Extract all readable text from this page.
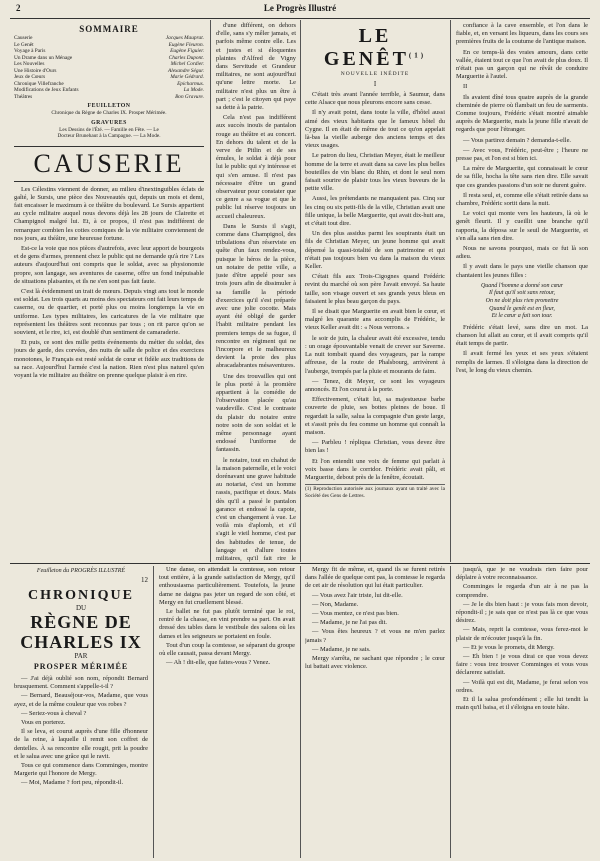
2	Le Progrès Illustré
SOMMAIRE
Causerie	Jacques Mauprat.
Le Genêt	Eugène Fleuron.
Voyage à Paris	Eugène Figuier.
Un Drame dans un Ménage	Charles Dupont.
Les Nouvelles	Michel Cordier.
Une Histoire d'Ours	Alexandre Ségur.
Jeux de Cœurs	Marie Gédrard.
Chronique Villefranche	Epicharmus.
Modifications de Jeux Enfants	La Mode.
Théâtres	Bon Gravure.
FEUILLETON
Chronique du Règne de Charles IX. Prosper Mérimée.
GRAVURES
Les Dessins de l'Été. — Famille en Fête. — Le
Docteur Brunehaut à la Campagne. — La Mode.
CAUSERIE

Les Célestins viennent de donner, au milieu d'inextinguibles éclats de gaîté, le Sursis, une pièce des Nouveautés qui, depuis un mois et demi, fait encaisser le maximum à ce théâtre du boulevard. Le Sursis appartient au cycle militaire auquel nous devons déjà les 28 jours de Clairette et Champignol malgré lui. Et, à ce propos, il n'est pas indifférent de remarquer combien les coties comiques de la vie militaire conviennent de nos jours, au théâtre, une heureuse fortune.

Est-ce la voie que nos pièces d'autrefois, avec leur apport de bourgeois et de gens d'armes, prennent chez le public qui ne demande qu'à rire ? Les auteurs d'aujourd'hui ont compris que le soldat, avec sa physionomie propre, son langage, ses aventures de caserne, offre un fond inépuisable de situations plaisantes, et ils ne s'en sont pas fait faute.

C'est là évidemment un trait de mœurs. Depuis vingt ans tout le monde est soldat. Les trois quarts au moins des spectateurs ont fait leurs temps de caserne, ou de quartier, et porté plus ou moins longtemps la vie en uniforme. Les types militaires, les caricatures de la vie militaire que représentent les théâtres sont reconnus par tous ; on rit parce qu'on se souvient, et le rire, ici, est doublé d'un sentiment de camaraderie.

Et puis, ce sont des mille petits événements du métier du soldat, des jours de garde, des corvées, des nuits de salle de police et des exercices monotones, le Français est resté soldat de cœur et fidèle aux traditions de sa race. Aujourd'hui l'armée c'est la nation. Rien n'est plus naturel qu'en voyant la vie militaire au théâtre on prenne quelque plaisir à en rire.

d'une différent, on dehors d'elle, sans s'y mêler jamais, et parfois même contre elle. Les et justes et si éloquentes plaintes d'Alfred de Vigny dans Servitude et Grandeur militaires, ne sont aujourd'hui qu'une lettre morte. Le militaire n'est plus un être à part ; c'est le citoyen qui paye sa dette à la patrie.

Cela n'est pas indifférent aux succès inouïs de pantalon rouge au théâtre et au concert. En dehors du talent et de la verve de Pitlin et de ses émules, le soldat à déjà pour lui le public qui s'y intéresse et qui s'en amuse. Il n'est pas nécessaire d'être un grand observateur pour constater que ce genre a sa vogue et que le public lui réserve toujours un accueil chaleureux.

Dans le Sursis il s'agit, comme dans Champignol, des tribulations d'un réserviste en quête d'un faux rendez-vous, puisque le héros de la pièce, un notaire de petite ville, a juste d'être appelé pour ses trois jours afin de dissimuler à sa famille la période d'exercices qu'il s'est préparée avec une jolie cocotte. Mais ayant été obligé de garder l'habit militaire pendant les premiers temps de sa fugue, il rencontre en régiment qui ne l'incorpore et le malheureux devient la proie des plus abracadabrantes mésaventures.

Une des trouvailles qui ont le plus porté à la promière appartient à la comédie de l'observation placée qu'au vaudeville. C'est le contraste du plaisir du notaire entre notre soin de son soldat et le même personnage ayant endossé l'uniforme de fantassin.

le notaire, tout en chahut de la maison paternelle, et le voici dorénavant une grave habitude au notariat, c'est un homme rassis, pacifique et doux. Mais dès qu'il a passé le pantalon garance et endossé la capote, c'est un changement à vue. Le voilà mis d'aplomb, et s'il s'agit le vieil homme, c'est par des habitudes de tenue, de langage et d'allure toutes militaires, qu'il fait rire le

LE GENÊT$^{(1)}$
NOUVELLE INÉDITE
I

C'était très avant l'année terrible, à Saumur, dans cette Alsace que nous pleurons encore sans cesse.

Il n'y avait point, dans toute la ville, d'hôtel aussi aimé des vieux habitants que le fameux hôtel du Cygne. Il en était de même de tout ce qu'on appelait là-bas la vieille auberge des anciens temps et des vieux usages.

Le patron du lieu, Christian Meyer, était le meilleur homme de la terre et avait dans sa cave les plus belles bouteilles de vin blanc du Rhin, et dont le seul nom faisait sourire de plaisir tous les vieux buveurs de la petite ville.

Aussi, les prétendants ne manquaient pas. Cinq sur les cinq ou six petit-fils de la ville, Christian avait une fille unique, la belle Marguerite, qui avait dix-huit ans, et c'était tout dire.

Un des plus assidus parmi les soupirants était un fils de Christian Meyer, un jeune homme qui avait dépensé la quasi-totalité de son patrimoine et qui n'était pas toujours bien vu dans la maison du vieux Keller.

C'était fils aux Trois-Cigognes quand Frédéric revint du marché où son père l'avait envoyé. Sa haute taille, son visage ouvert et ses grands yeux bleus en faisaient le plus beau garçon du pays.

Il se disait que Marguerite en avait bien le cœur, et malgré les quarante ans accomplis de Frédéric, le vieux Keller avait dit : « Nous verrons. »

le soir de juin, la chaleur avait été excessive, tendu : un orage épouvantable venait de crever sur Saverne. La nuit tombait quand des voyageurs, par la rampe affreuse, de la route de Phalsbourg, arrivèrent à l'auberge, trempés par la pluie et mourants de faim.

— Tenez, dit Meyer, ce sont les voyageurs annoncés. Et l'on courut à la porte.

Effectivement, c'était lui, sa majestueuse barbe couverte de pluie, ses bottes pleines de boue. Il regardait la salle, salua la compagnie d'un geste large, et s'assit près du feu comme un homme qui connaît la maison.

— Parbleu ! répliqua Christian, vous devez être bien las !

Et l'on entendit une voix de femme qui parlait à voix basse dans le corridor. Frédéric avait pâli, et Marguerite, debout près de la fenêtre, écoutait.

(1) Reproduction autorisée aux journaux ayant un traité avec la Société des Gens de Lettres.

confiance à la cave ensemble, et l'on dans le fiable, et, en versant les liqueurs, dans les cours ses premières fruits de la coutume de l'antique maison.

En ce temps-là des vraies amours, dans cette vallée, étaient tout ce que l'on avait de plus doux. Il n'était pas un garçon qui ne rêvât de conduire Marguerite à l'autel.

II

Ils avaient dîné tous quatre auprès de la grande cheminée de pierre où flambait un feu de sarments. Comme toujours, Frédéric s'était montré aimable auprès de Marguerite, mais la jeune fille n'avait de regards que pour l'étranger.

— Vous partirez demain ? demanda-t-elle.

— Avec vous, Frédéric, peut-être ; l'heure ne presse pas, et l'on est si bien ici.

La mère de Marguerite, qui connaissait le cœur de sa fille, hocha la tête sans rien dire. Elle savait que ces grandes passions d'un soir ne durent guère.

Il resta seul, et, comme elle s'était retirée dans sa chambre, Frédéric sortit dans la nuit.

Le voici qui monte vers les hauteurs, là où le genêt fleurit. Il y cueillit une branche qu'il rapporta, la déposa sur le seuil de Marguerite, et s'en alla sans rien dire.

Nous ne savons pourquoi, mais ce fut là son adieu.

Il y avait dans le pays une vieille chanson que chantaient les jeunes filles :

Quand l'homme a donné son cœur
Il faut qu'il soit sans retour,
On ne doit plus rien promettre
Quand le genêt est en fleur,
Et le cœur a fait son tour.

Frédéric s'était levé, sans dire un mot. La chanson lui allait au cœur, et il avait compris qu'il était temps de partir.

Il avait fermé les yeux et ses yeux s'étaient remplis de larmes. Il s'éloigna dans la direction de l'est, le long du vieux chemin.

Feuilleton du PROGRÈS ILLUSTRÉ
12
CHRONIQUE
DU
RÈGNE DE CHARLES IX
PAR
PROSPER MÉRIMÉE

— J'ai déjà oublié son nom, répondit Bernard brusquement. Comment s'appelle-t-il ?

— Bernard, Beauséjour-vos, Madame, que vous ayez, et de la même couleur que vos robes ?

— Seriez-vous à cheval ?

Vous en porterez.

Il se leva, et courut auprès d'une fille d'honneur de la reine, à laquelle il remit son coffret de dentelles. À sa rencontre elle rougit, prit la poudre et le salua avec une grâce qui le ravit.

Tous ce qui commence dans Comminges, montre Margerie qui l'honore de Mergy.

— Moi, Madame ? fort peu, répondit-il.

Une danse, on attendait la comtesse, son retour tout entière, à la grande satisfaction de Mergy, qu'il enthousiasma particulièrement. Toutefois, la jeune dame ne daigna pas jeter un regard de son côté, et Mergy en fut cruellement blessé.

Le ballet ne fut pas plutôt terminé que le roi, rentré de la chasse, en vint prendre sa part. On avait dressé des tables dans le vestibule des salons où les dames et les seigneurs se portaient en foule.

Tout d'un coup la comtesse, se séparant du groupe où elle causait, passa devant Mergy.

— Ah ! dit-elle, que faites-vous ? Venez.

Mergy fit de même, et, quand ils se furent retirés dans l'allée de quelque cent pas, la comtesse le regarda de cet air de résolution qui lui était particulier.

— Vous avez l'air triste, lui dit-elle.

— Non, Madame.

— Vous mentez, ce n'est pas bien.

— Madame, je ne l'ai pas dit.

— Vous êtes heureux ? et vous ne m'en parlez jamais ?

— Madame, je ne sais.

Mergy s'arrêta, ne sachant que répondre ; le cœur lui battait avec violence.

jusqu'à, que je ne voudrais rien faire pour déplaire à votre reconnaissance.

Comminges le regarda d'un air à ne pas la comprendre.

— Je le dis bien haut : je vous fais mon devoir, répondit-il ; je sais que ce n'est pas là ce que vous désirez.

— Mais, reprit la comtesse, vous ferez-moi le plaisir de m'écouter jusqu'à la fin.

— Et je vous le promets, dit Mergy.

— Eh bien ! je vous dirai ce que vous devez faire : vous irez trouver Comminges et vous vous déclarerez satisfait.

— Voilà qui est dit, Madame, je ferai selon vos ordres.

Et il la salua profondément ; elle lui tendit la main qu'il baisa, et il s'éloigna en toute hâte.
